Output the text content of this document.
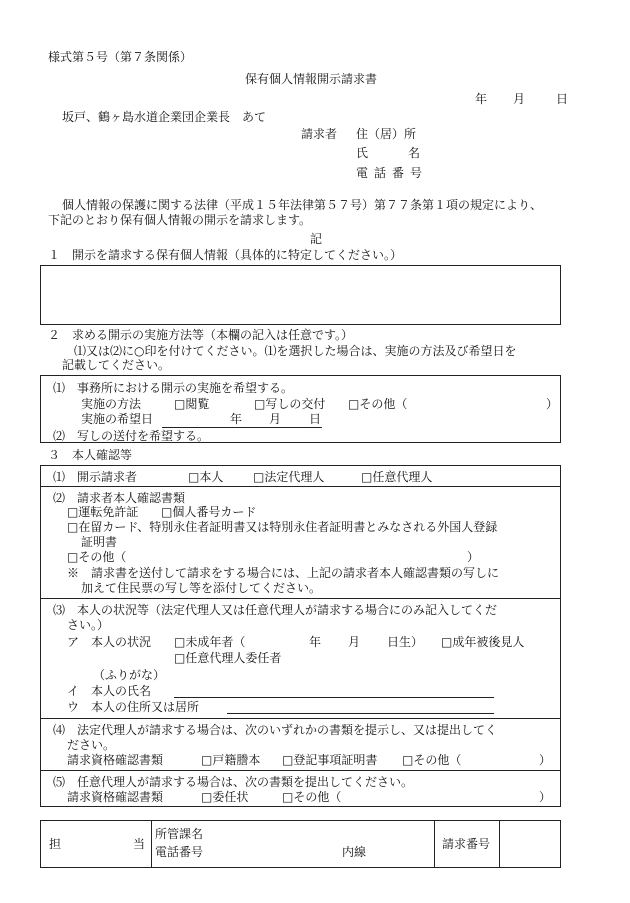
様式第５号（第７条関係）
保有個人情報開示請求書
年 月	日
坂戸、鶴ヶ島水道企業団企業長　あて
請求者 住（居）所
氏	名
電話番号
個人情報の保護に関する法律（平成１５年法律第５７号）第７７条第１項の規定により、
下記のとおり保有個人情報の開示を請求します。
記
１　開示を請求する保有個人情報（具体的に特定してください。）
２　求める開示の実施方法等（本欄の記入は任意です。）
⑴又は⑵に○印を付けてください。⑴を選択した場合は、実施の方法及び希望日を
記載してください。
⑴　事務所における開示の実施を希望する。
実施の方法	□閲覧	□写しの交付 □その他（	）
実施の希望日	年 月 日
⑵　写しの送付を希望する。
３　本人確認等
⑴　開示請求者	□本人 □法定代理人	□任意代理人
⑵　請求者本人確認書類
□運転免許証 □個人番号カード
□在留カード、特別永住者証明書又は特別永住者証明書とみなされる外国人登録
証明書
□その他（	）
※　請求書を送付して請求をする場合には、上記の請求者本人確認書類の写しに
加えて住民票の写し等を添付してください。
⑶　本人の状況等（法定代理人又は任意代理人が請求する場合にのみ記入してくだ
さい。）
ア　本人の状況 □未成年者（	年 月 日生） □成年被後見人
□任意代理人委任者
（ふりがな）
イ　本人の氏名
ウ　本人の住所又は居所
⑷　法定代理人が請求する場合は、次のいずれかの書類を提示し、又は提出してく
ださい。
請求資格確認書類	□戸籍謄本 □登記事項証明書 □その他（	）
⑸　任意代理人が請求する場合は、次の書類を提出してください。
請求資格確認書類	□委任状	□その他（	）
担	当
所管課名
電話番号	内線
請求番号
